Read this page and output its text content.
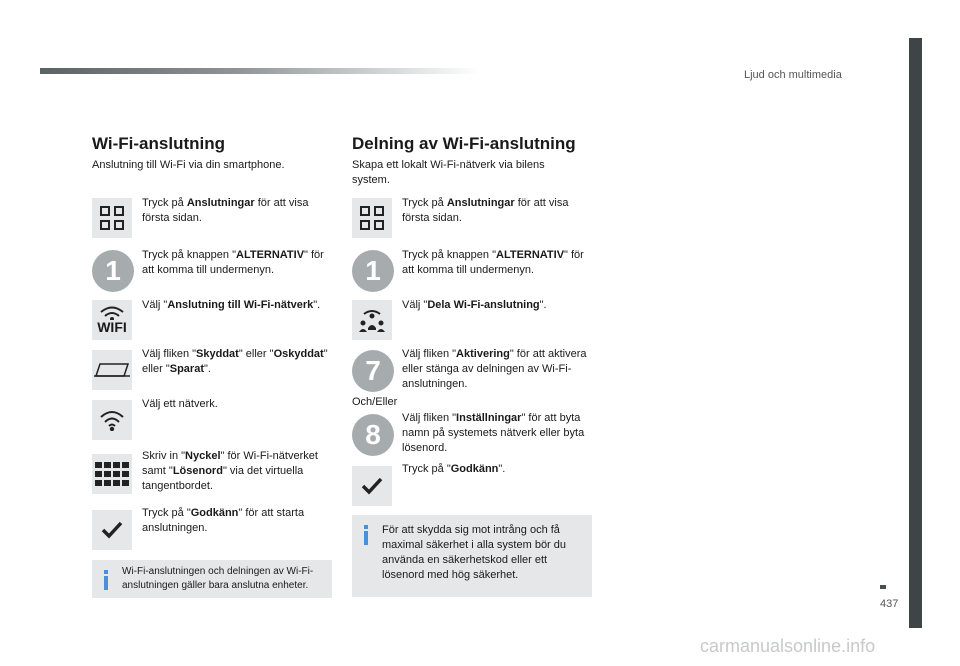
Ljud och multimedia
437
Wi-Fi-anslutning
Anslutning till Wi-Fi via din smartphone.
Tryck på Anslutningar för att visa första sidan.
1	Tryck på knappen "ALTERNATIV" för att komma till undermenyn.
WIFI
Välj "Anslutning till Wi-Fi-nätverk".
Välj fliken "Skyddat" eller "Oskyddat" eller "Sparat".
Välj ett nätverk.
Skriv in "Nyckel" för Wi-Fi-nätverket samt "Lösenord" via det virtuella tangentbordet.
Tryck på "Godkänn" för att starta anslutningen.
Wi-Fi-anslutningen och delningen av Wi-Fi-anslutningen gäller bara anslutna enheter.
Delning av Wi-Fi-anslutning
Skapa ett lokalt Wi-Fi-nätverk via bilens system.
Tryck på Anslutningar för att visa första sidan.
1	Tryck på knappen "ALTERNATIV" för att komma till undermenyn.
Välj "Dela Wi-Fi-anslutning".
7
Välj fliken "Aktivering" för att aktivera eller stänga av delningen av Wi-Fi-anslutningen.
Och/Eller
8
Välj fliken "Inställningar" för att byta namn på systemets nätverk eller byta lösenord.
Tryck på "Godkänn".
För att skydda sig mot intrång och få maximal säkerhet i alla system bör du använda en säkerhetskod eller ett lösenord med hög säkerhet.
carmanualsonline.info
